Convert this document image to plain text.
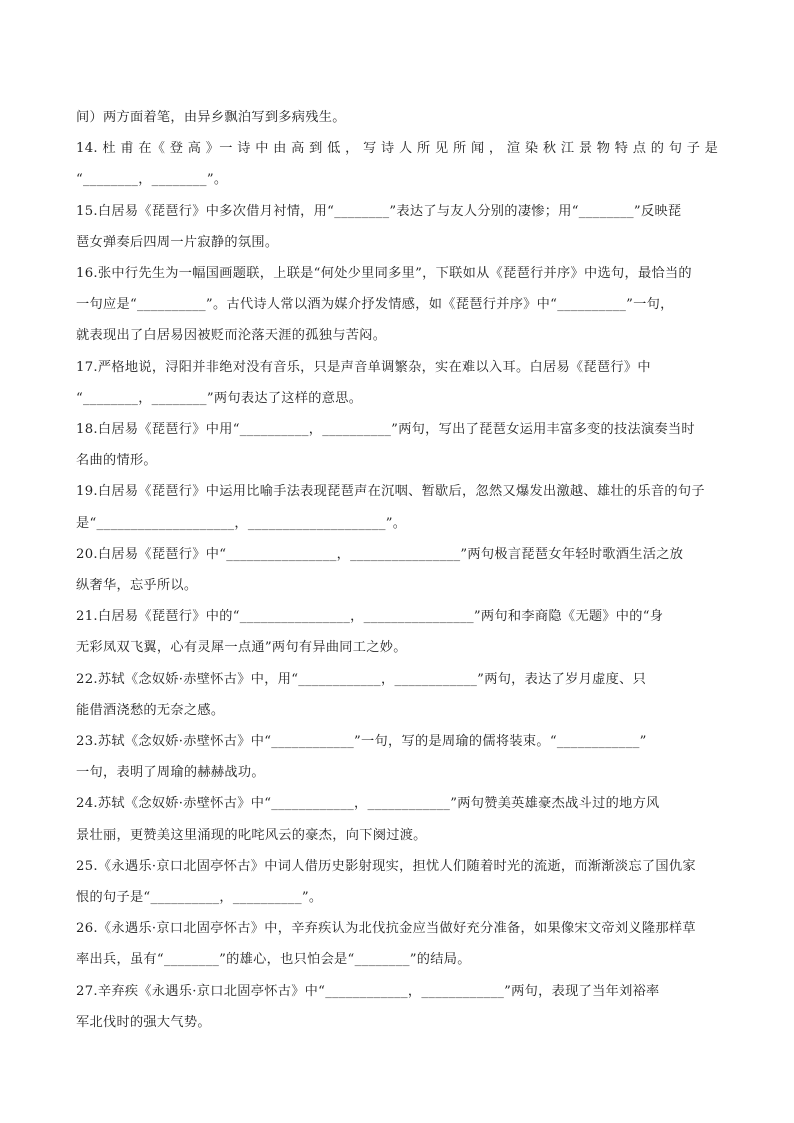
间）两方面着笔，由异乡飘泊写到多病残生。
14. 杜 甫 在《 登 高 》一 诗 中 由 高 到 低 ， 写 诗 人 所 见 所 闻 ， 渲 染 秋 江 景 物 特 点 的 句 子 是
“________，________”。
15.白居易《琵琶行》中多次借月衬情，用“________”表达了与友人分别的凄惨；用“________”反映琵
琶女弹奏后四周一片寂静的氛围。
16.张中行先生为一幅国画题联，上联是“何处少里同多里”，下联如从《琵琶行并序》中选句，最恰当的
一句应是“__________”。古代诗人常以酒为媒介抒发情感，如《琵琶行并序》中“__________”一句，
就表现出了白居易因被贬而沦落天涯的孤独与苦闷。
17.严格地说，浔阳并非绝对没有音乐，只是声音单调繁杂，实在难以入耳。白居易《琵琶行》中
“________，________”两句表达了这样的意思。
18.白居易《琵琶行》中用“__________，__________”两句，写出了琵琶女运用丰富多变的技法演奏当时
名曲的情形。
19.白居易《琵琶行》中运用比喻手法表现琵琶声在沉咽、暂歇后，忽然又爆发出激越、雄壮的乐音的句子
是“____________________，____________________”。
20.白居易《琵琶行》中“________________，________________”两句极言琵琶女年轻时歌酒生活之放
纵奢华，忘乎所以。
21.白居易《琵琶行》中的“________________，________________”两句和李商隐《无题》中的“身
无彩凤双飞翼，心有灵犀一点通”两句有异曲同工之妙。
22.苏轼《念奴娇·赤壁怀古》中，用“____________，____________”两句，表达了岁月虚度、只
能借酒浇愁的无奈之感。
23.苏轼《念奴娇·赤壁怀古》中“____________”一句，写的是周瑜的儒将装束。“____________”
一句，表明了周瑜的赫赫战功。
24.苏轼《念奴娇·赤壁怀古》中“____________，____________”两句赞美英雄豪杰战斗过的地方风
景壮丽，更赞美这里涌现的叱咤风云的豪杰，向下阕过渡。
25.《永遇乐·京口北固亭怀古》中词人借历史影射现实，担忧人们随着时光的流逝，而渐渐淡忘了国仇家
恨的句子是“__________，__________”。
26.《永遇乐·京口北固亭怀古》中，辛弃疾认为北伐抗金应当做好充分准备，如果像宋文帝刘义隆那样草
率出兵，虽有“________”的雄心，也只怕会是“________”的结局。
27.辛弃疾《永遇乐·京口北固亭怀古》中“____________，____________”两句，表现了当年刘裕率
军北伐时的强大气势。
